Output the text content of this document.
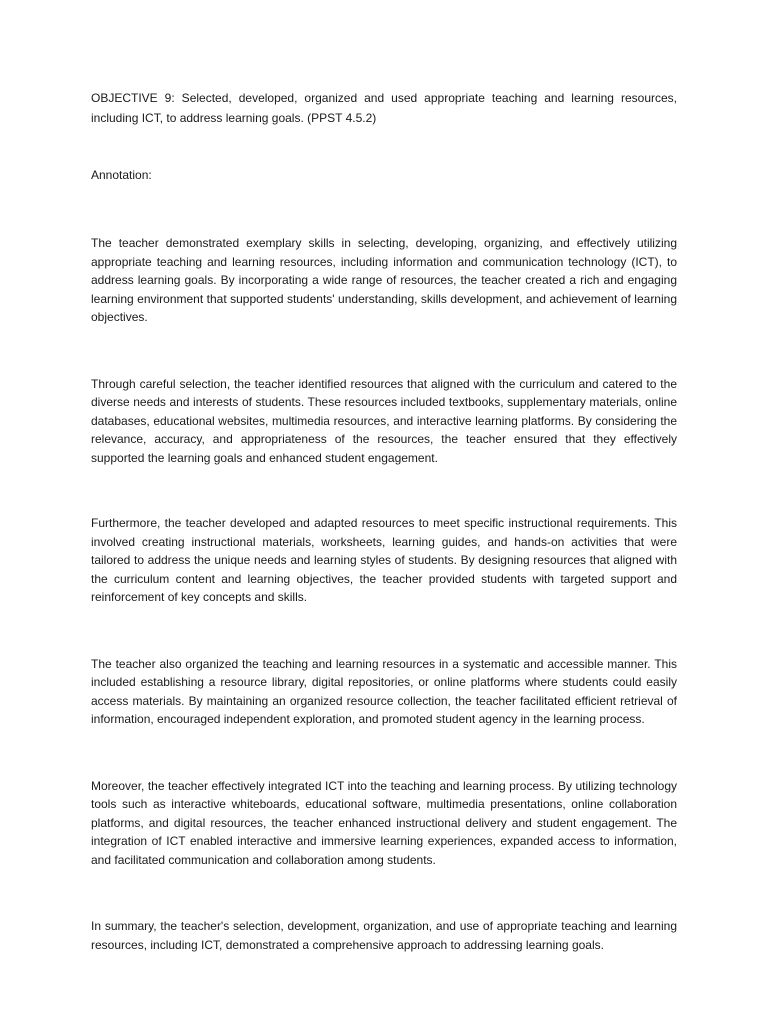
OBJECTIVE 9: Selected, developed, organized and used appropriate teaching and learning resources, including ICT, to address learning goals. (PPST 4.5.2)

Annotation:

The teacher demonstrated exemplary skills in selecting, developing, organizing, and effectively utilizing appropriate teaching and learning resources, including information and communication technology (ICT), to address learning goals. By incorporating a wide range of resources, the teacher created a rich and engaging learning environment that supported students' understanding, skills development, and achievement of learning objectives.

Through careful selection, the teacher identified resources that aligned with the curriculum and catered to the diverse needs and interests of students. These resources included textbooks, supplementary materials, online databases, educational websites, multimedia resources, and interactive learning platforms. By considering the relevance, accuracy, and appropriateness of the resources, the teacher ensured that they effectively supported the learning goals and enhanced student engagement.

Furthermore, the teacher developed and adapted resources to meet specific instructional requirements. This involved creating instructional materials, worksheets, learning guides, and hands-on activities that were tailored to address the unique needs and learning styles of students. By designing resources that aligned with the curriculum content and learning objectives, the teacher provided students with targeted support and reinforcement of key concepts and skills.

The teacher also organized the teaching and learning resources in a systematic and accessible manner. This included establishing a resource library, digital repositories, or online platforms where students could easily access materials. By maintaining an organized resource collection, the teacher facilitated efficient retrieval of information, encouraged independent exploration, and promoted student agency in the learning process.

Moreover, the teacher effectively integrated ICT into the teaching and learning process. By utilizing technology tools such as interactive whiteboards, educational software, multimedia presentations, online collaboration platforms, and digital resources, the teacher enhanced instructional delivery and student engagement. The integration of ICT enabled interactive and immersive learning experiences, expanded access to information, and facilitated communication and collaboration among students.

In summary, the teacher's selection, development, organization, and use of appropriate teaching and learning resources, including ICT, demonstrated a comprehensive approach to addressing learning goals.
